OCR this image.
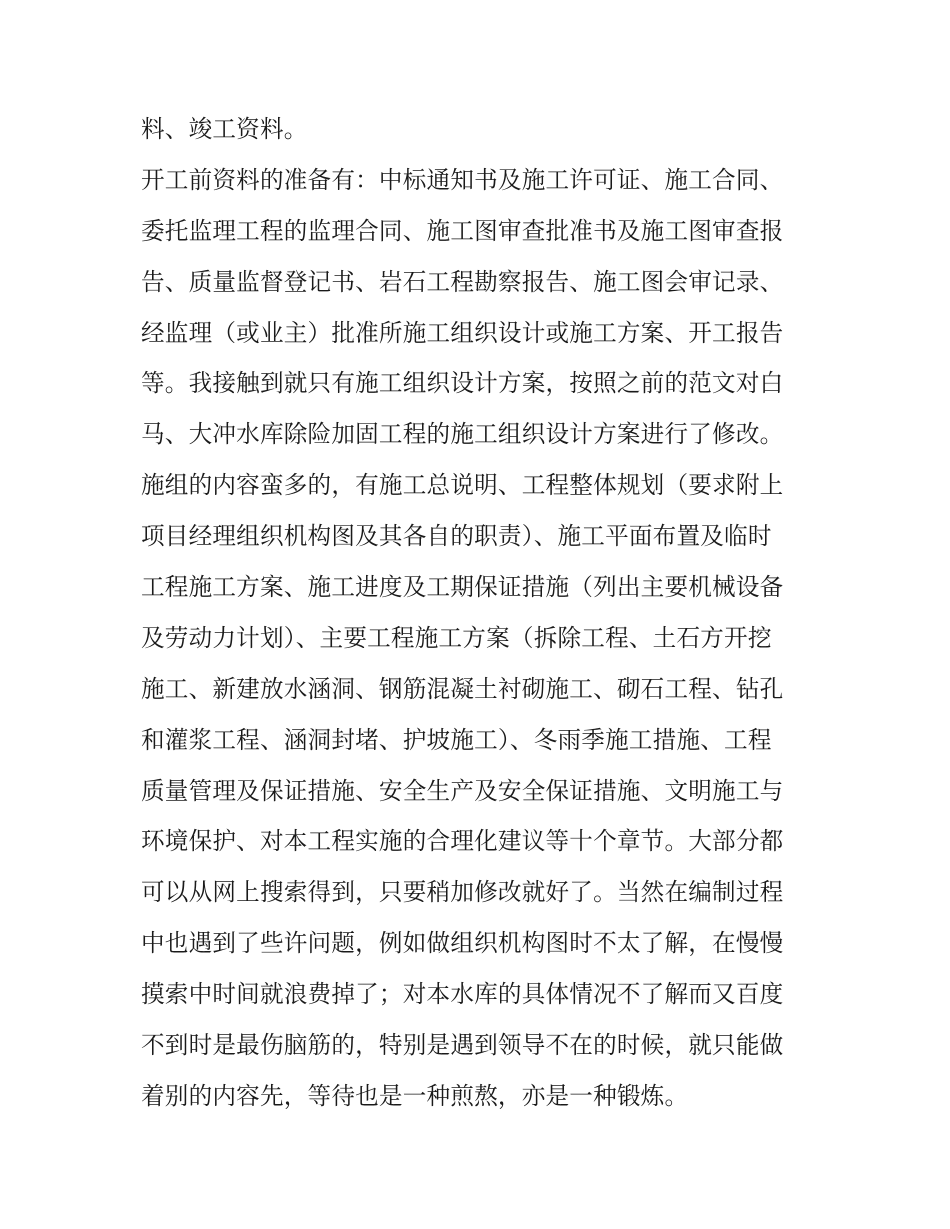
料、竣工资料。
开工前资料的准备有：中标通知书及施工许可证、施工合同、
委托监理工程的监理合同、施工图审查批准书及施工图审查报
告、质量监督登记书、岩石工程勘察报告、施工图会审记录、
经监理（或业主）批准所施工组织设计或施工方案、开工报告
等。我接触到就只有施工组织设计方案，按照之前的范文对白
马、大冲水库除险加固工程的施工组织设计方案进行了修改。
施组的内容蛮多的，有施工总说明、工程整体规划（要求附上
项目经理组织机构图及其各自的职责）、施工平面布置及临时
工程施工方案、施工进度及工期保证措施（列出主要机械设备
及劳动力计划）、主要工程施工方案（拆除工程、土石方开挖
施工、新建放水涵洞、钢筋混凝土衬砌施工、砌石工程、钻孔
和灌浆工程、涵洞封堵、护坡施工）、冬雨季施工措施、工程
质量管理及保证措施、安全生产及安全保证措施、文明施工与
环境保护、对本工程实施的合理化建议等十个章节。大部分都
可以从网上搜索得到，只要稍加修改就好了。当然在编制过程
中也遇到了些许问题，例如做组织机构图时不太了解，在慢慢
摸索中时间就浪费掉了；对本水库的具体情况不了解而又百度
不到时是最伤脑筋的，特别是遇到领导不在的时候，就只能做
着别的内容先，等待也是一种煎熬，亦是一种锻炼。
